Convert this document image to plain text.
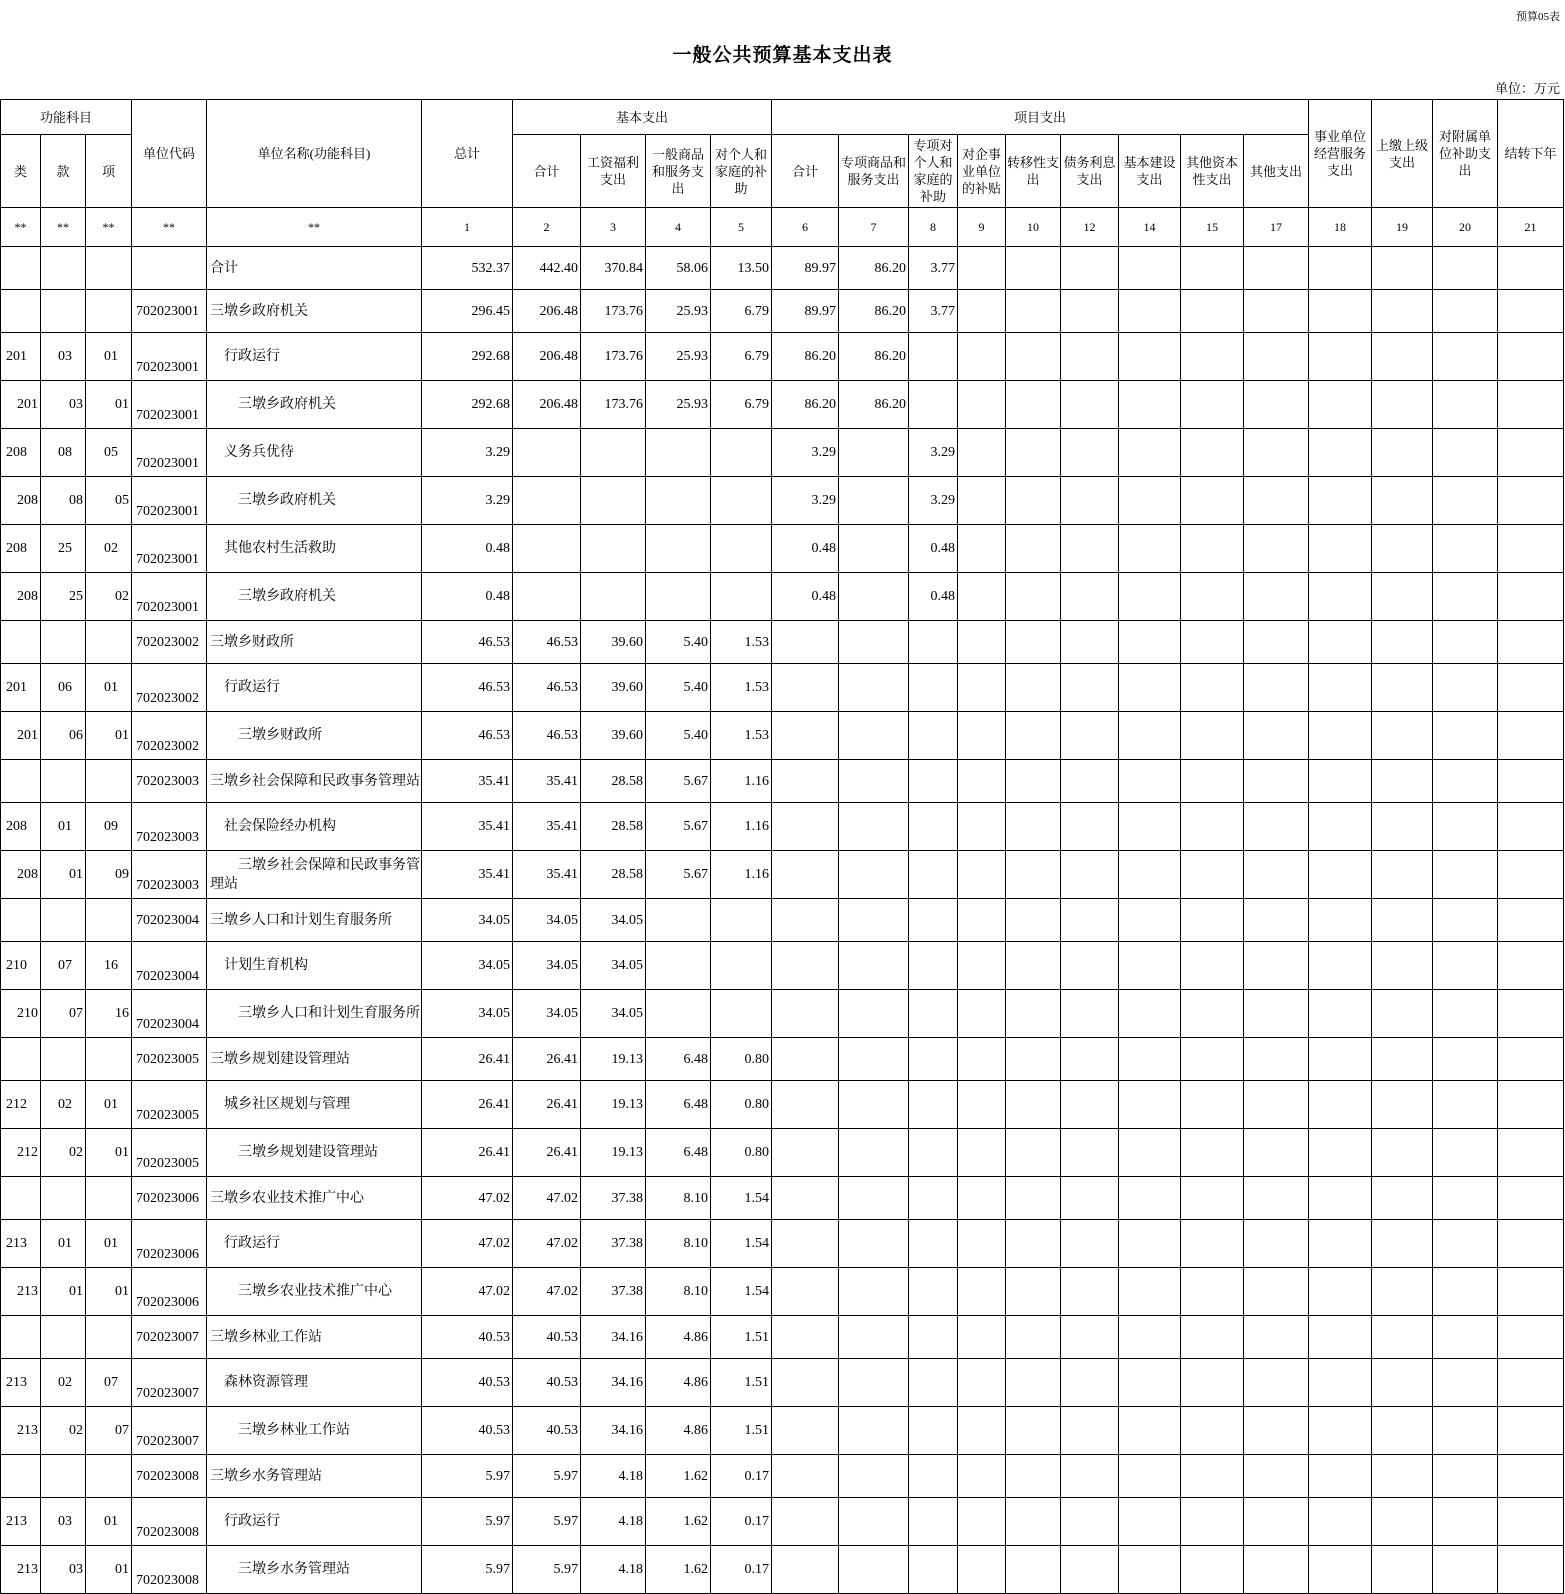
预算05表
一般公共预算基本支出表
单位：万元
功能科目			单位代码	单位名称(功能科目)	总计	基本支出				项目支出									事业单位经营服务支出	上缴上级支出	对附属单位补助支出	结转下年
类	款	项				合计	工资福利支出	一般商品和服务支出	对个人和家庭的补助	合计	专项商品和服务支出	专项对个人和家庭的补助	对企事业单位的补贴	转移性支出	债务利息支出	基本建设支出	其他资本性支出	其他支出				
**	**	**	**	**	1	2	3	4	5	6	7	8	9	10	12	14	15	17	18	19	20	21
				合计	532.37	442.40	370.84	58.06	13.50	89.97	86.20	3.77										
			702023001	三墩乡政府机关	296.45	206.48	173.76	25.93	6.79	89.97	86.20	3.77										
201	03	01	702023001	　行政运行	292.68	206.48	173.76	25.93	6.79	86.20	86.20											
201	03	01	702023001	　　三墩乡政府机关	292.68	206.48	173.76	25.93	6.79	86.20	86.20											
208	08	05	702023001	　义务兵优待	3.29					3.29		3.29										
208	08	05	702023001	　　三墩乡政府机关	3.29					3.29		3.29										
208	25	02	702023001	　其他农村生活救助	0.48					0.48		0.48										
208	25	02	702023001	　　三墩乡政府机关	0.48					0.48		0.48										
			702023002	三墩乡财政所	46.53	46.53	39.60	5.40	1.53													
201	06	01	702023002	　行政运行	46.53	46.53	39.60	5.40	1.53													
201	06	01	702023002	　　三墩乡财政所	46.53	46.53	39.60	5.40	1.53													
			702023003	三墩乡社会保障和民政事务管理站	35.41	35.41	28.58	5.67	1.16													
208	01	09	702023003	　社会保险经办机构	35.41	35.41	28.58	5.67	1.16													
208	01	09	702023003	　　三墩乡社会保障和民政事务管理站	35.41	35.41	28.58	5.67	1.16													
			702023004	三墩乡人口和计划生育服务所	34.05	34.05	34.05															
210	07	16	702023004	　计划生育机构	34.05	34.05	34.05															
210	07	16	702023004	　　三墩乡人口和计划生育服务所	34.05	34.05	34.05															
			702023005	三墩乡规划建设管理站	26.41	26.41	19.13	6.48	0.80													
212	02	01	702023005	　城乡社区规划与管理	26.41	26.41	19.13	6.48	0.80													
212	02	01	702023005	　　三墩乡规划建设管理站	26.41	26.41	19.13	6.48	0.80													
			702023006	三墩乡农业技术推广中心	47.02	47.02	37.38	8.10	1.54													
213	01	01	702023006	　行政运行	47.02	47.02	37.38	8.10	1.54													
213	01	01	702023006	　　三墩乡农业技术推广中心	47.02	47.02	37.38	8.10	1.54													
			702023007	三墩乡林业工作站	40.53	40.53	34.16	4.86	1.51													
213	02	07	702023007	　森林资源管理	40.53	40.53	34.16	4.86	1.51													
213	02	07	702023007	　　三墩乡林业工作站	40.53	40.53	34.16	4.86	1.51													
			702023008	三墩乡水务管理站	5.97	5.97	4.18	1.62	0.17													
213	03	01	702023008	　行政运行	5.97	5.97	4.18	1.62	0.17													
213	03	01	702023008	　　三墩乡水务管理站	5.97	5.97	4.18	1.62	0.17													
